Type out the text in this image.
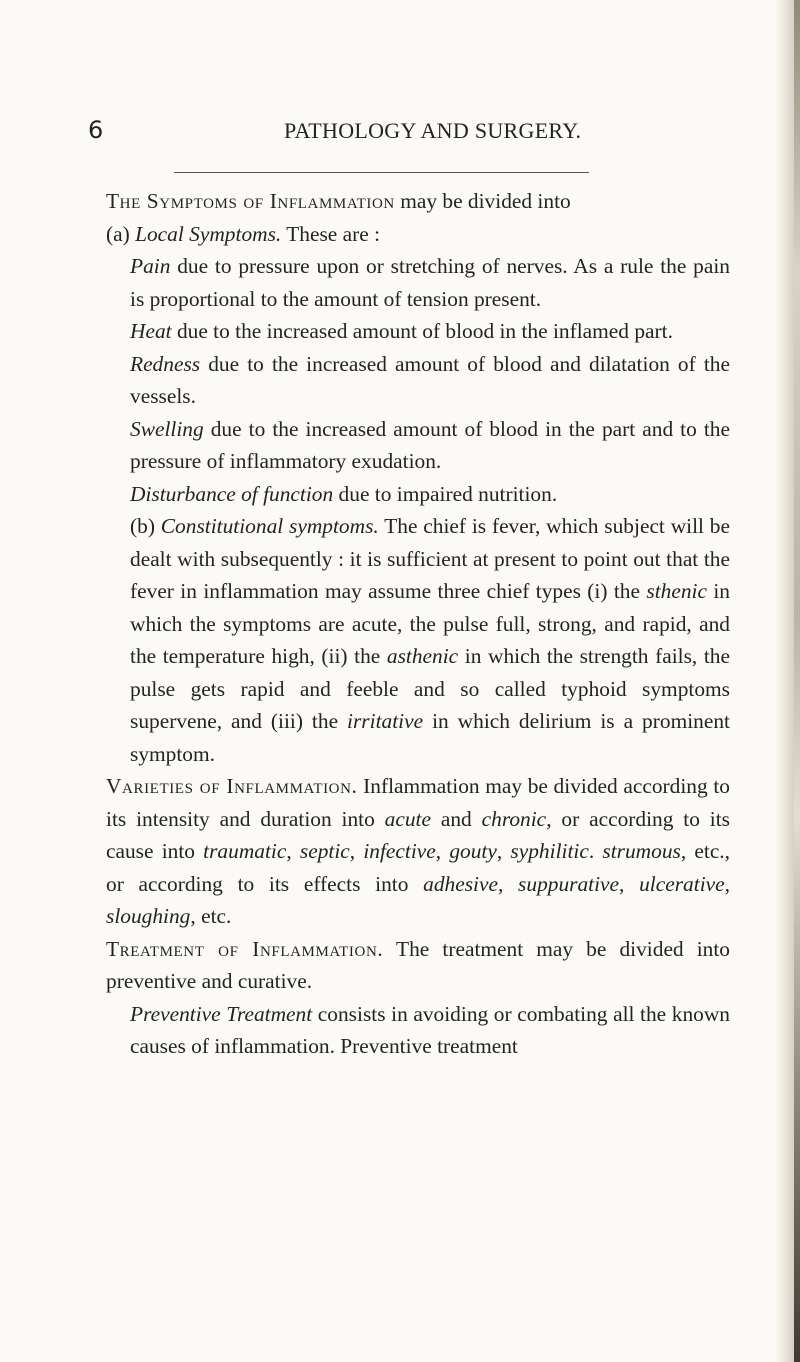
6	PATHOLOGY AND SURGERY.

The Symptoms of Inflammation may be divided into

(a) Local Symptoms. These are :

Pain due to pressure upon or stretching of nerves. As a rule the pain is proportional to the amount of tension present.

Heat due to the increased amount of blood in the inflamed part.

Redness due to the increased amount of blood and dilatation of the vessels.

Swelling due to the increased amount of blood in the part and to the pressure of inflammatory exudation.

Disturbance of function due to impaired nutrition.

(b) Constitutional symptoms. The chief is fever, which subject will be dealt with subsequently : it is sufficient at present to point out that the fever in inflammation may assume three chief types (i) the sthenic in which the symptoms are acute, the pulse full, strong, and rapid, and the temperature high, (ii) the asthenic in which the strength fails, the pulse gets rapid and feeble and so called typhoid symptoms supervene, and (iii) the irritative in which delirium is a prominent symptom.

Varieties of Inflammation. Inflammation may be divided according to its intensity and duration into acute and chronic, or according to its cause into traumatic, septic, infective, gouty, syphilitic. strumous, etc., or according to its effects into adhesive, suppurative, ulcerative, sloughing, etc.

Treatment of Inflammation. The treatment may be divided into preventive and curative.

Preventive Treatment consists in avoiding or combating all the known causes of inflammation. Preventive treatment
